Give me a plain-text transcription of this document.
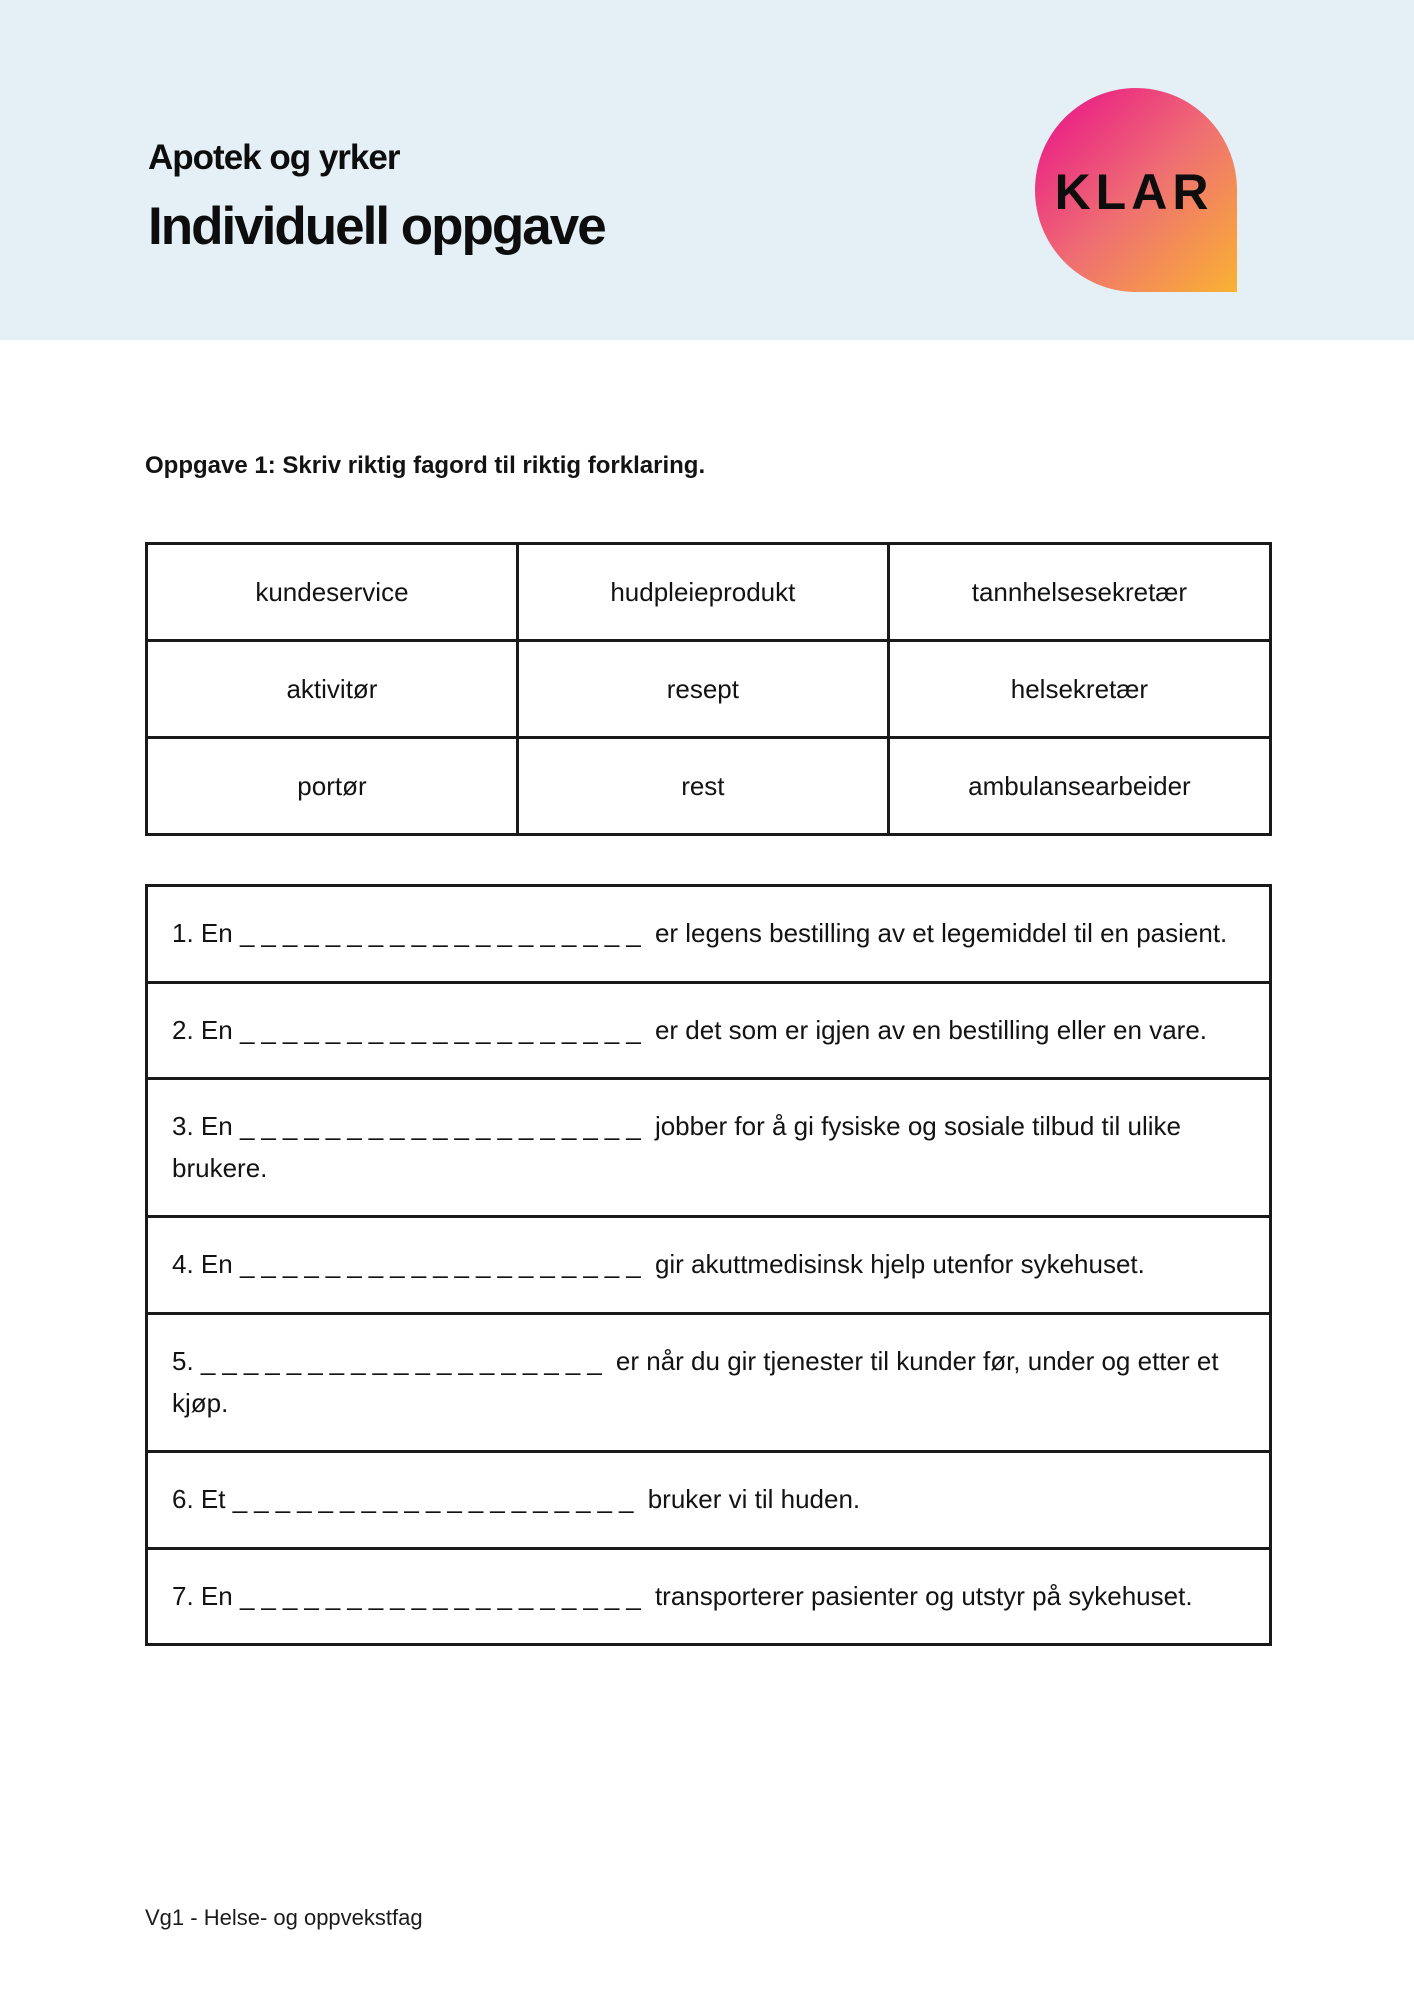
Apotek og yrker
Individuell oppgave
KLAR
Oppgave 1: Skriv riktig fagord til riktig forklaring.
kundeservice	hudpleieprodukt	tannhelsesekretær
aktivitør	resept	helsekretær
portør	rest	ambulansearbeider
1. En ___________________ er legens bestilling av et legemiddel til en pasient.
2. En ___________________ er det som er igjen av en bestilling eller en vare.
3. En ___________________ jobber for å gi fysiske og sosiale tilbud til ulike brukere.
4. En ___________________ gir akuttmedisinsk hjelp utenfor sykehuset.
5. ___________________ er når du gir tjenester til kunder før, under og etter et kjøp.
6. Et ___________________ bruker vi til huden.
7. En ___________________ transporterer pasienter og utstyr på sykehuset.
Vg1 - Helse- og oppvekstfag
